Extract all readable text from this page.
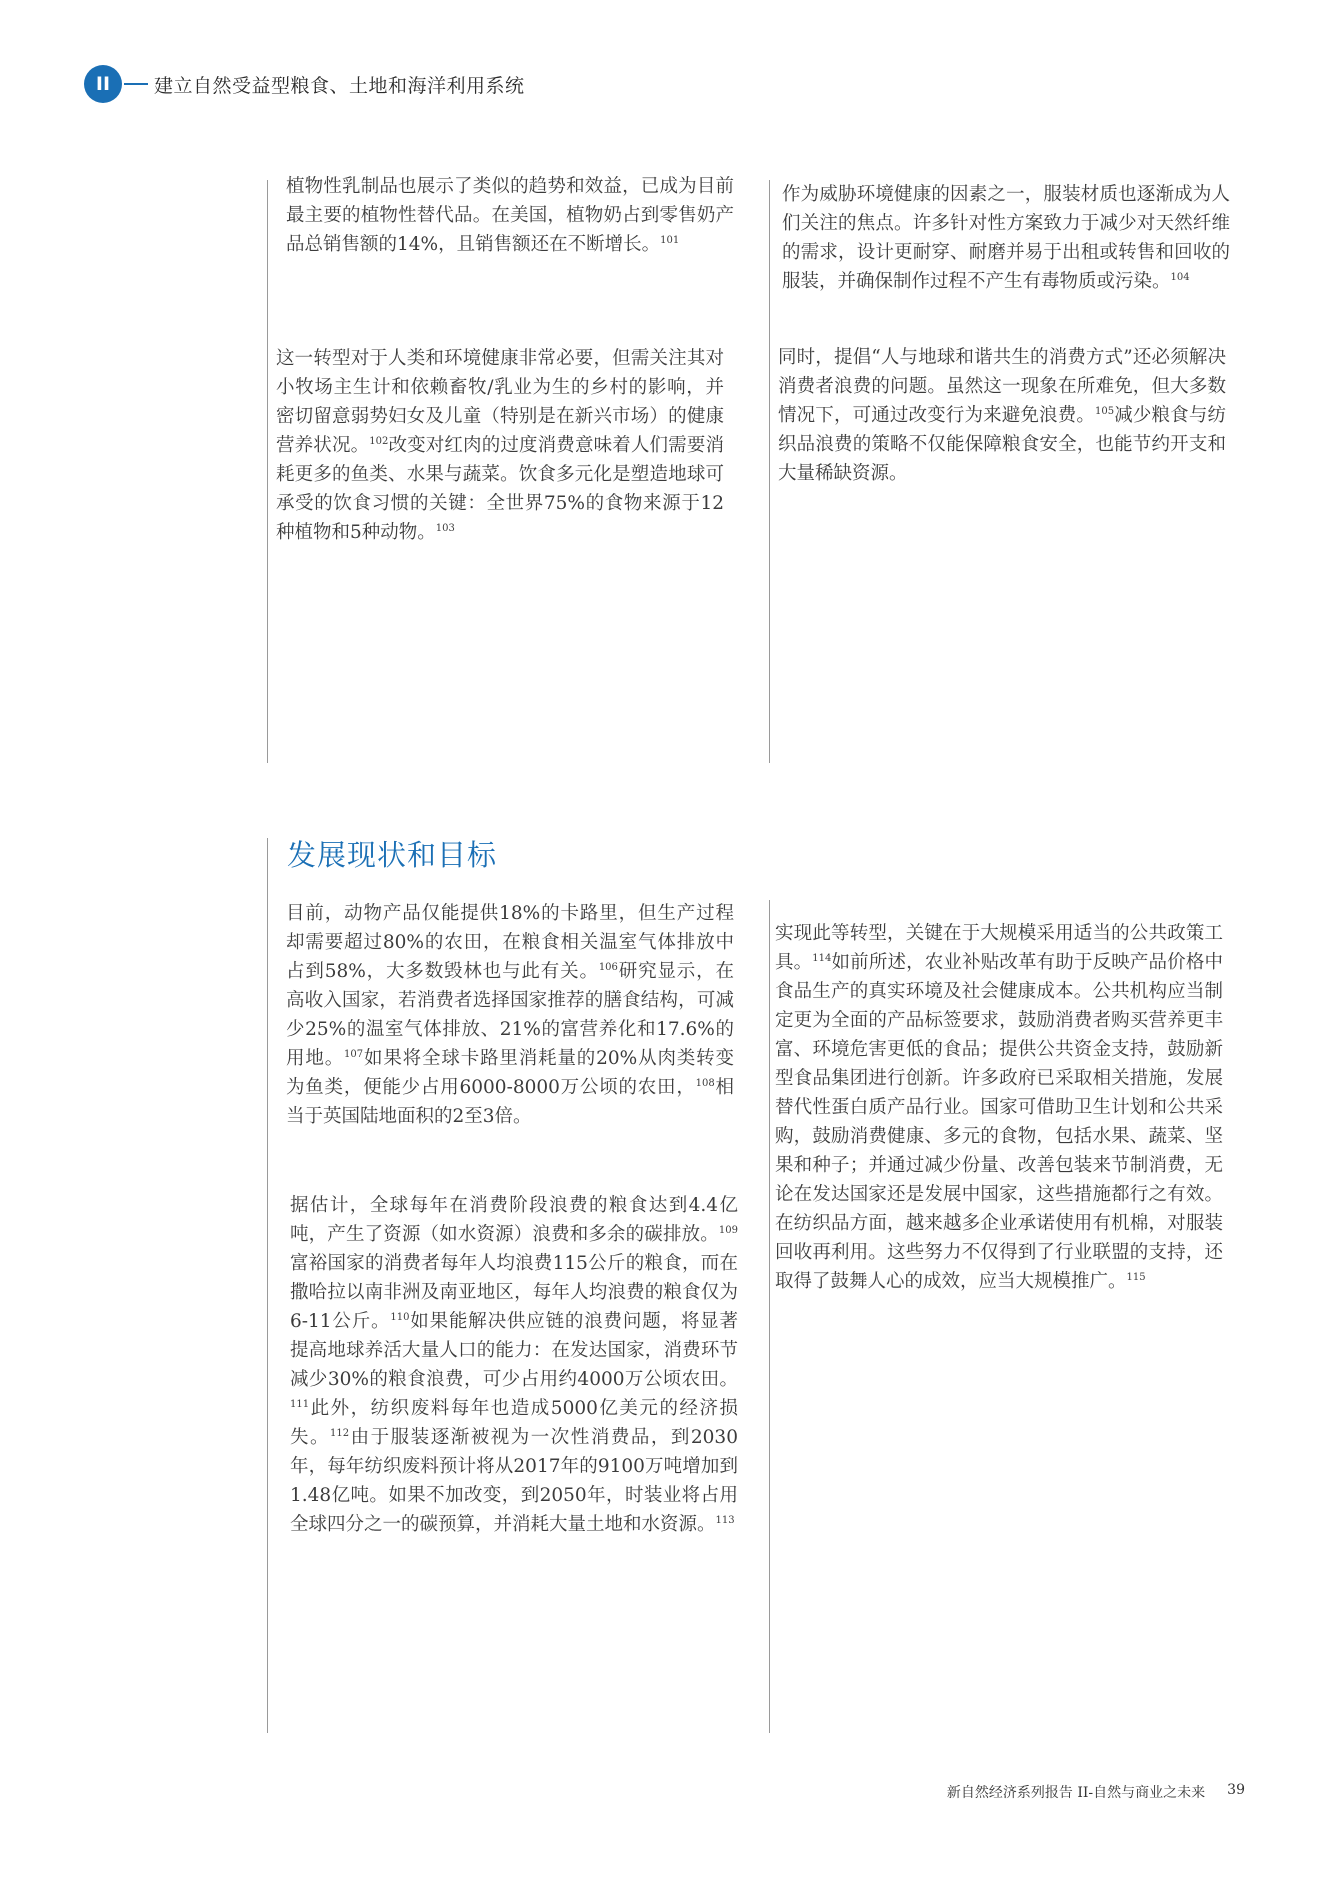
II	建立自然受益型粮食、土地和海洋利用系统
植物性乳制品也展示了类似的趋势和效益，已成为目前最主要的植物性替代品。在美国，植物奶占到零售奶产品总销售额的14%，且销售额还在不断增长。$^{101}$
这一转型对于人类和环境健康非常必要，但需关注其对小牧场主生计和依赖畜牧/乳业为生的乡村的影响，并密切留意弱势妇女及儿童（特别是在新兴市场）的健康营养状况。$^{102}$改变对红肉的过度消费意味着人们需要消耗更多的鱼类、水果与蔬菜。饮食多元化是塑造地球可承受的饮食习惯的关键：全世界75%的食物来源于12种植物和5种动物。$^{103}$
作为威胁环境健康的因素之一，服装材质也逐渐成为人们关注的焦点。许多针对性方案致力于减少对天然纤维的需求，设计更耐穿、耐磨并易于出租或转售和回收的服装，并确保制作过程不产生有毒物质或污染。$^{104}$
同时，提倡“人与地球和谐共生的消费方式”还必须解决消费者浪费的问题。虽然这一现象在所难免，但大多数情况下，可通过改变行为来避免浪费。$^{105}$减少粮食与纺织品浪费的策略不仅能保障粮食安全，也能节约开支和大量稀缺资源。
发展现状和目标
目前，动物产品仅能提供18%的卡路里，但生产过程却需要超过80%的农田，在粮食相关温室气体排放中占到58%，大多数毁林也与此有关。$^{106}$研究显示，在高收入国家，若消费者选择国家推荐的膳食结构，可减少25%的温室气体排放、21%的富营养化和17.6%的用地。$^{107}$如果将全球卡路里消耗量的20%从肉类转变为鱼类，便能少占用6000-8000万公顷的农田，$^{108}$相当于英国陆地面积的2至3倍。
据估计，全球每年在消费阶段浪费的粮食达到4.4亿吨，产生了资源（如水资源）浪费和多余的碳排放。$^{109}$富裕国家的消费者每年人均浪费115公斤的粮食，而在撒哈拉以南非洲及南亚地区，每年人均浪费的粮食仅为6-11公斤。$^{110}$如果能解决供应链的浪费问题，将显著提高地球养活大量人口的能力：在发达国家，消费环节减少30%的粮食浪费，可少占用约4000万公顷农田。$^{111}$此外，纺织废料每年也造成5000亿美元的经济损失。$^{112}$由于服装逐渐被视为一次性消费品，到2030年，每年纺织废料预计将从2017年的9100万吨增加到1.48亿吨。如果不加改变，到2050年，时装业将占用全球四分之一的碳预算，并消耗大量土地和水资源。$^{113}$
实现此等转型，关键在于大规模采用适当的公共政策工具。$^{114}$如前所述，农业补贴改革有助于反映产品价格中食品生产的真实环境及社会健康成本。公共机构应当制定更为全面的产品标签要求，鼓励消费者购买营养更丰富、环境危害更低的食品；提供公共资金支持，鼓励新型食品集团进行创新。许多政府已采取相关措施，发展替代性蛋白质产品行业。国家可借助卫生计划和公共采购，鼓励消费健康、多元的食物，包括水果、蔬菜、坚果和种子；并通过减少份量、改善包装来节制消费，无论在发达国家还是发展中国家，这些措施都行之有效。在纺织品方面，越来越多企业承诺使用有机棉，对服装回收再利用。这些努力不仅得到了行业联盟的支持，还取得了鼓舞人心的成效，应当大规模推广。$^{115}$
新自然经济系列报告 II-自然与商业之未来 39
